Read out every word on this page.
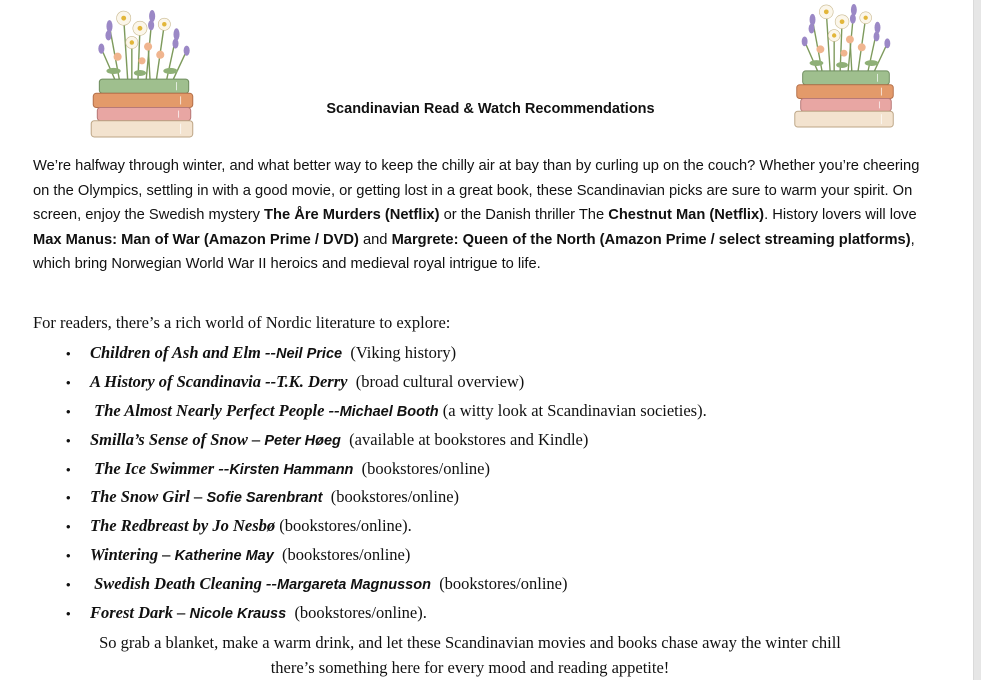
Scandinavian Read & Watch Recommendations

We’re halfway through winter, and what better way to keep the chilly air at bay than by curling up on the couch? Whether you’re cheering on the Olympics, settling in with a good movie, or getting lost in a great book, these Scandinavian picks are sure to warm your spirit. On screen, enjoy the Swedish mystery The Åre Murders (Netflix) or the Danish thriller The Chestnut Man (Netflix). History lovers will love Max Manus: Man of War (Amazon Prime / DVD) and Margrete: Queen of the North (Amazon Prime / select streaming platforms), which bring Norwegian World War II heroics and medieval royal intrigue to life.

For readers, there’s a rich world of Nordic literature to explore:

• Children of Ash and Elm --Neil Price  (Viking history)
• A History of Scandinavia --T.K. Derry  (broad cultural overview)
• The Almost Nearly Perfect People --Michael Booth (a witty look at Scandinavian societies).
• Smilla’s Sense of Snow – Peter Høeg  (available at bookstores and Kindle)
• The Ice Swimmer --Kirsten Hammann  (bookstores/online)
• The Snow Girl – Sofie Sarenbrant  (bookstores/online)
• The Redbreast by Jo Nesbø (bookstores/online).
• Wintering – Katherine May  (bookstores/online)
• Swedish Death Cleaning --Margareta Magnusson  (bookstores/online)
• Forest Dark – Nicole Krauss  (bookstores/online).
So grab a blanket, make a warm drink, and let these Scandinavian movies and books chase away the winter chill
there’s something here for every mood and reading appetite!
